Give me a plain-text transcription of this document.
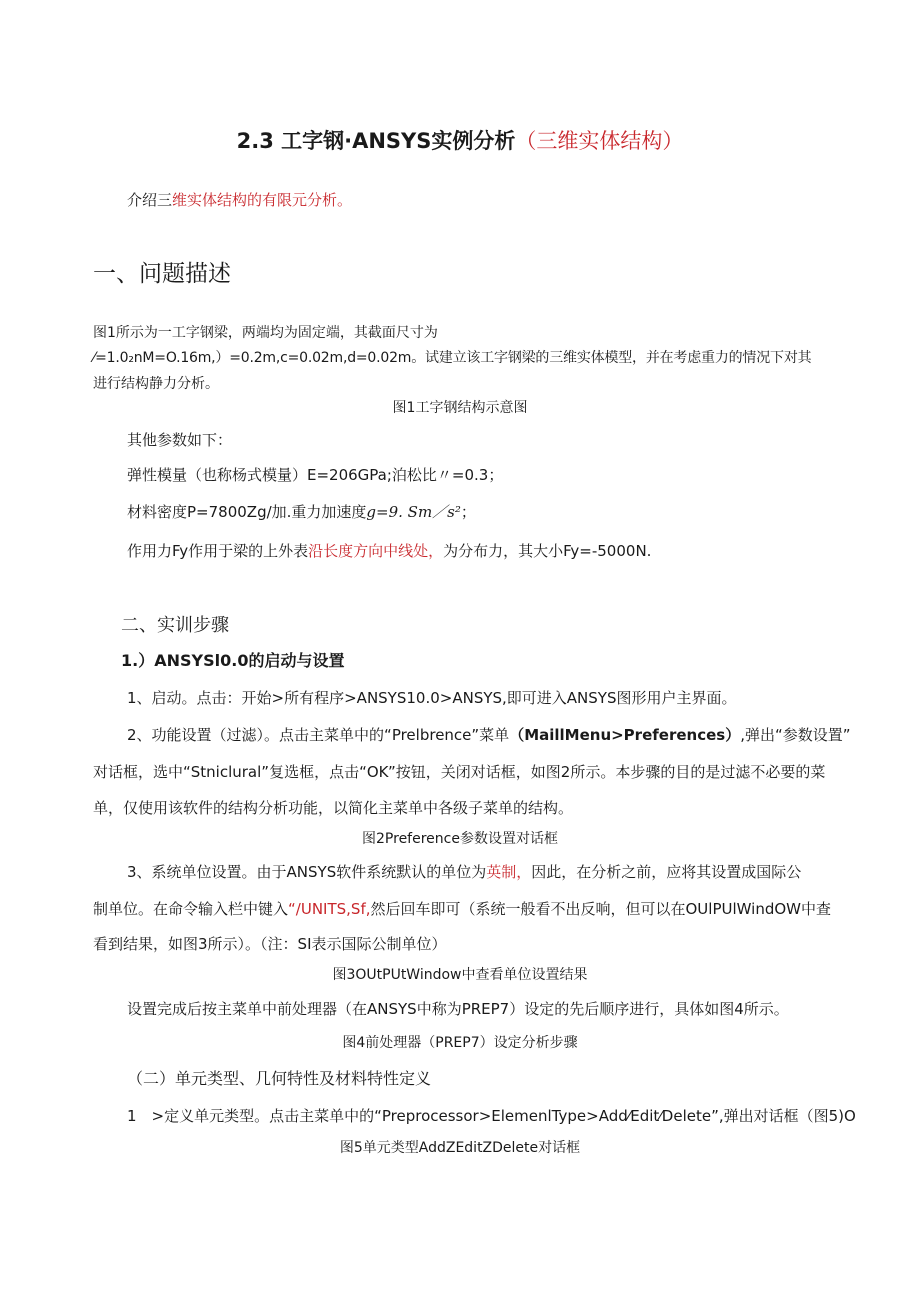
2.3 工字钢·ANSYS实例分析（三维实体结构）
介绍三维实体结构的有限元分析。
一、问题描述
图1所示为一工字钢梁，两端均为固定端，其截面尺寸为
⁄=1.0₂nM=O.16m,）=0.2m,c=0.02m,d=0.02m。试建立该工字钢梁的三维实体模型，并在考虑重力的情况下对其
进行结构静力分析。
图1工字钢结构示意图
其他参数如下：
弹性模量（也称杨式模量）E=206GPa;泊松比〃=0.3；
材料密度P=7800Zg/加.重力加速度g=9. Sm／s²；
作用力Fy作用于梁的上外表沿长度方向中线处，为分布力，其大小Fy=-5000N.
二、实训步骤
1.）ANSYSl0.0的启动与设置
1、启动。点击：开始>所有程序>ANSYS10.0>ANSYS,即可进入ANSYS图形用户主界面。
2、功能设置（过滤）。点击主菜单中的“Prelbrence”菜单（MaillMenu>Preferences）,弹出“参数设置”
对话框，选中“Stniclural”复选框，点击“OK”按钮，关闭对话框，如图2所示。本步骤的目的是过滤不必要的菜
单，仅使用该软件的结构分析功能，以简化主菜单中各级子菜单的结构。
图2Preference参数设置对话框
3、系统单位设置。由于ANSYS软件系统默认的单位为英制，因此，在分析之前，应将其设置成国际公
制单位。在命令输入栏中键入“/UNITS,Sf,然后回车即可（系统一般看不出反响，但可以在OUlPUlWindOW中查
看到结果，如图3所示）。（注：SI表示国际公制单位）
图3OUtPUtWindow中查看单位设置结果
设置完成后按主菜单中前处理器（在ANSYS中称为PREP7）设定的先后顺序进行，具体如图4所示。
图4前处理器（PREP7）设定分析步骤
（二）单元类型、几何特性及材料特性定义
1　>定义单元类型。点击主菜单中的“Preprocessor>ElemenlType>Add⁄Edit⁄Delete”,弹出对话框（图5)O
图5单元类型AddZEditZDelete对话框
